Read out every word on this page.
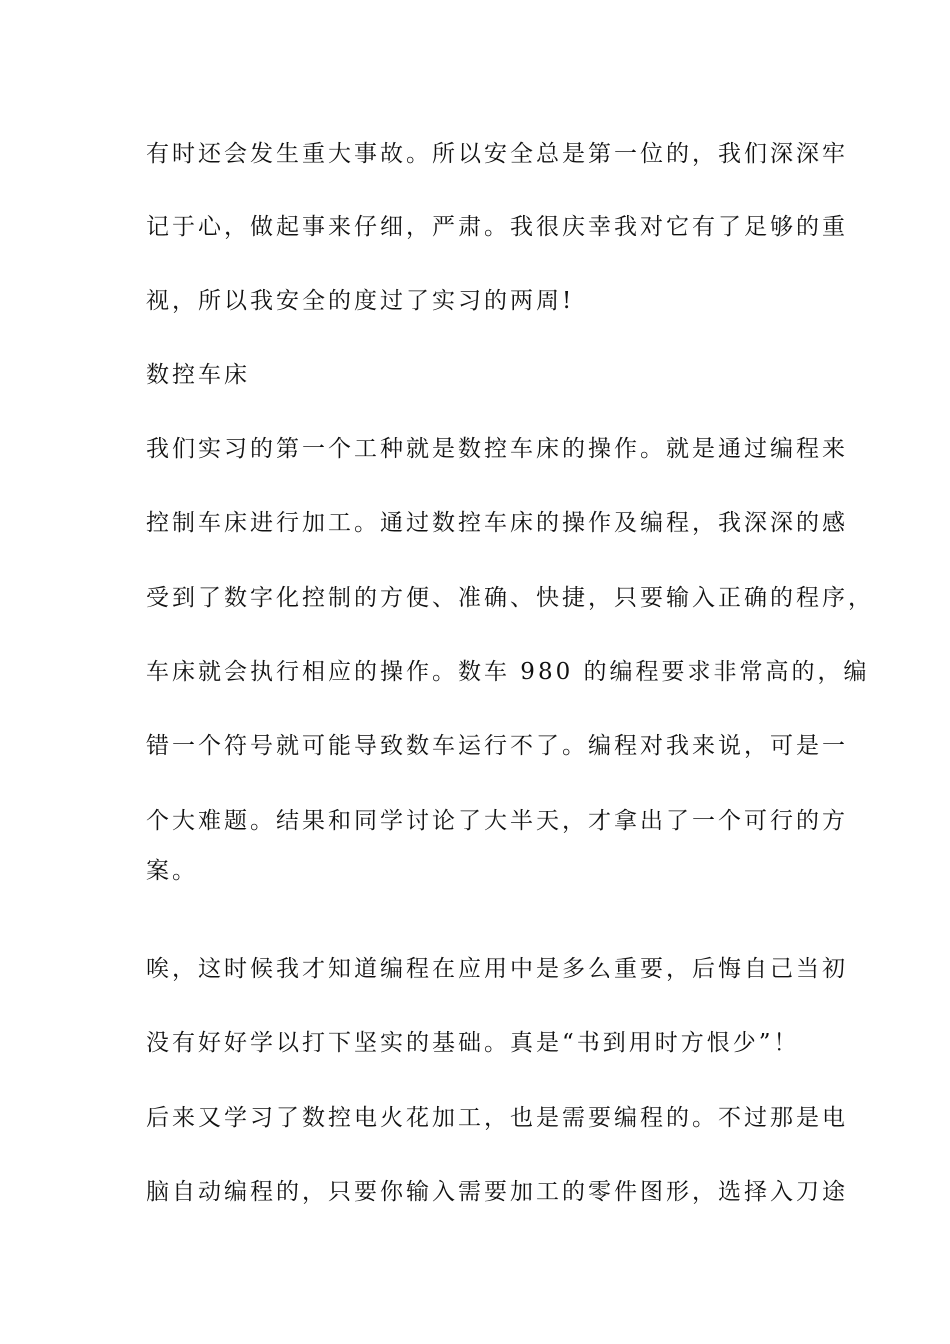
有时还会发生重大事故。所以安全总是第一位的，我们深深牢
记于心，做起事来仔细，严肃。我很庆幸我对它有了足够的重
视，所以我安全的度过了实习的两周!
数控车床
我们实习的第一个工种就是数控车床的操作。就是通过编程来
控制车床进行加工。通过数控车床的操作及编程，我深深的感
受到了数字化控制的方便、准确、快捷，只要输入正确的程序，
车床就会执行相应的操作。数车 980 的编程要求非常高的，编
错一个符号就可能导致数车运行不了。编程对我来说，可是一
个大难题。结果和同学讨论了大半天，才拿出了一个可行的方
案。
唉，这时候我才知道编程在应用中是多么重要，后悔自己当初
没有好好学以打下坚实的基础。真是“书到用时方恨少”！
后来又学习了数控电火花加工，也是需要编程的。不过那是电
脑自动编程的，只要你输入需要加工的零件图形，选择入刀途
